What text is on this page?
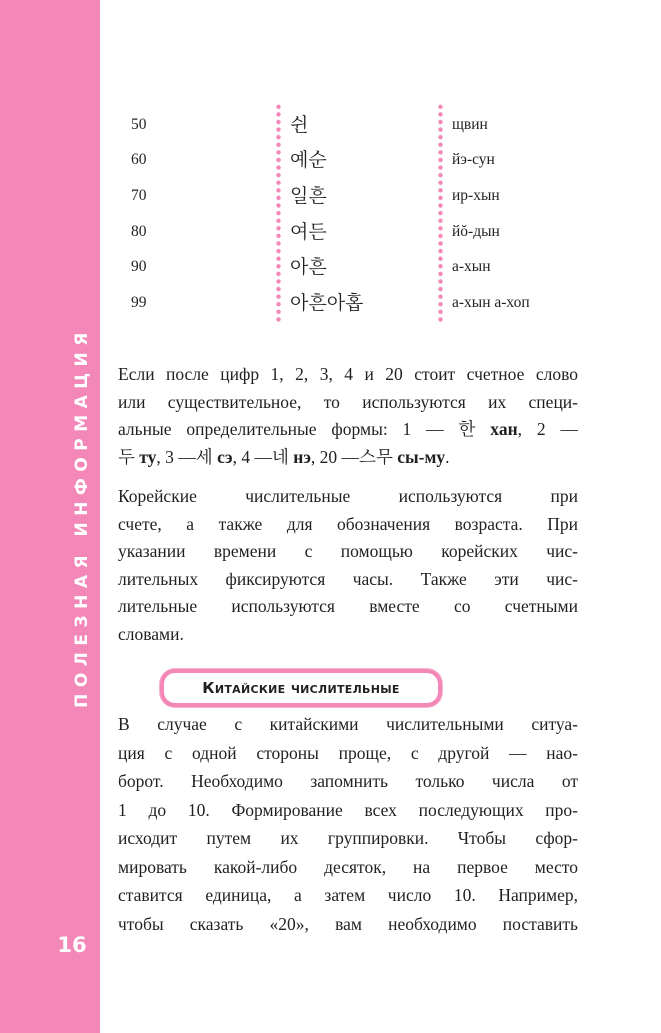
ПОЛЕЗНАЯ ИНФОРМАЦИЯ
16
50	쉰	щвин
60	예순	йэ-сун
70	일흔	ир-хын
80	여든	йŏ-дын
90	아흔	а-хын
99	아흔아홉	а-хын а-хоп
Если после цифр 1, 2, 3, 4 и 20 стоит счетное слово
или существительное, то используются их специ-
альные определительные формы: 1 — 한 хан, 2 —
두 ту, 3 —세 сэ, 4 —네 нэ, 20 —스무 сы-му.
Корейские числительные используются при
счете, а также для обозначения возраста. При
указании времени с помощью корейских чис-
лительных фиксируются часы. Также эти чис-
лительные используются вместе со счетными
словами.
Китайские числительные
В случае с китайскими числительными ситуа-
ция с одной стороны проще, с другой — нао-
борот. Необходимо запомнить только числа от
1 до 10. Формирование всех последующих про-
исходит путем их группировки. Чтобы сфор-
мировать какой-либо десяток, на первое место
ставится единица, а затем число 10. Например,
чтобы сказать «20», вам необходимо поставить
